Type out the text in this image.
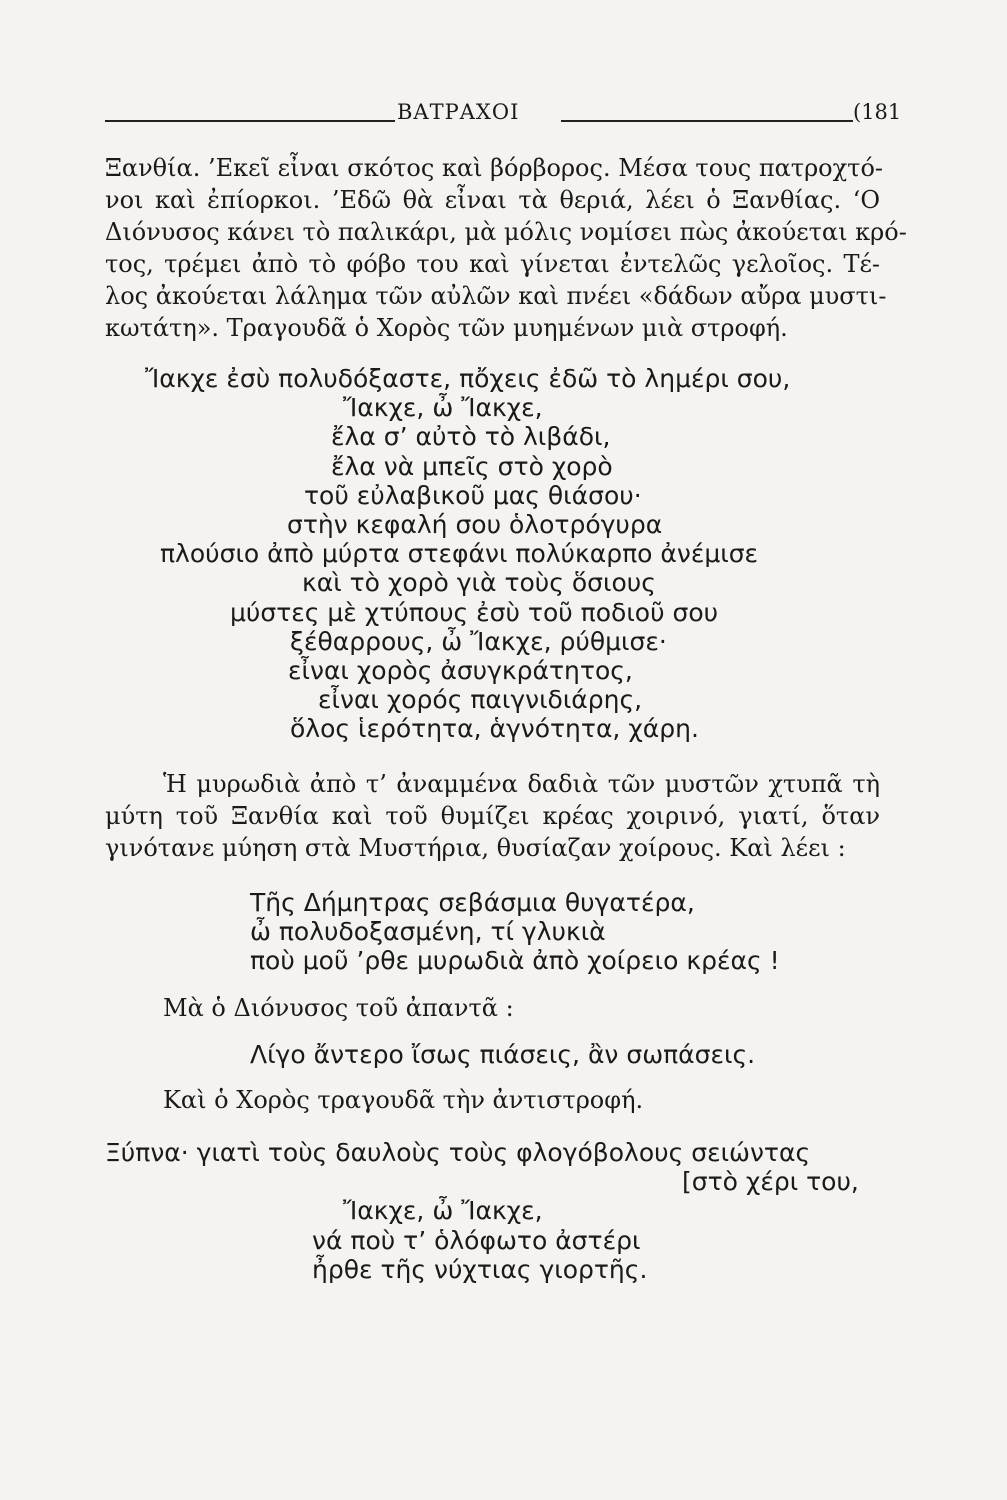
ΒΑΤΡΑΧΟΙ	(181

Ξανθία. ’Εκεῖ εἶναι σκότος καὶ βόρβορος. Μέσα τους πατροχτό-
νοι καὶ ἐπίορκοι. ’Εδῶ θὰ εἶναι τὰ θεριά, λέει ὁ Ξανθίας. ‘Ο
Διόνυσος κάνει τὸ παλικάρι, μὰ μόλις νομίσει πὼς ἀκούεται κρό-
τος, τρέμει ἀπὸ τὸ φόβο του καὶ γίνεται ἐντελῶς γελοῖος. Τέ-
λος ἀκούεται λάλημα τῶν αὐλῶν καὶ πνέει «δάδων αὔρα μυστι-
κωτάτη». Τραγουδᾶ ὁ Χορὸς τῶν μυημένων μιὰ στροφή.

Ἴακχε ἐσὺ πολυδόξαστε, πὄχεις ἐδῶ τὸ λημέρι σου,
Ἴακχε, ὦ Ἴακχε,
ἔλα σ’ αὐτὸ τὸ λιβάδι,
ἔλα νὰ μπεῖς στὸ χορὸ
τοῦ εὐλαβικοῦ μας θιάσου·
στὴν κεφαλή σου ὁλοτρόγυρα
πλούσιο ἀπὸ μύρτα στεφάνι πολύκαρπο ἀνέμισε
καὶ τὸ χορὸ γιὰ τοὺς ὅσιους
μύστες μὲ χτύπους ἐσὺ τοῦ ποδιοῦ σου
ξέθαρρους, ὦ Ἴακχε, ρύθμισε·
εἶναι χορὸς ἀσυγκράτητος,
εἶναι χορός παιγνιδιάρης,
ὅλος ἱερότητα, ἁγνότητα, χάρη.

Ἡ μυρωδιὰ ἀπὸ τ’ ἀναμμένα δαδιὰ τῶν μυστῶν χτυπᾶ τὴ
μύτη τοῦ Ξανθία καὶ τοῦ θυμίζει κρέας χοιρινό, γιατί, ὅταν
γινότανε μύηση στὰ Μυστήρια, θυσίαζαν χοίρους. Καὶ λέει :

Τῆς Δήμητρας σεβάσμια θυγατέρα,
ὦ πολυδοξασμένη, τί γλυκιὰ
ποὺ μοῦ ’ρθε μυρωδιὰ ἀπὸ χοίρειο κρέας !
Μὰ ὁ Διόνυσος τοῦ ἀπαντᾶ :
Λίγο ἄντερο ἴσως πιάσεις, ἂν σωπάσεις.
Καὶ ὁ Χορὸς τραγουδᾶ τὴν ἀντιστροφή.
Ξύπνα· γιατὶ τοὺς δαυλοὺς τοὺς φλογόβολους σειώντας
[στὸ χέρι του,
Ἴακχε, ὦ Ἴακχε,
νά ποὺ τ’ ὁλόφωτο ἀστέρι
ἦρθε τῆς νύχτιας γιορτῆς.
